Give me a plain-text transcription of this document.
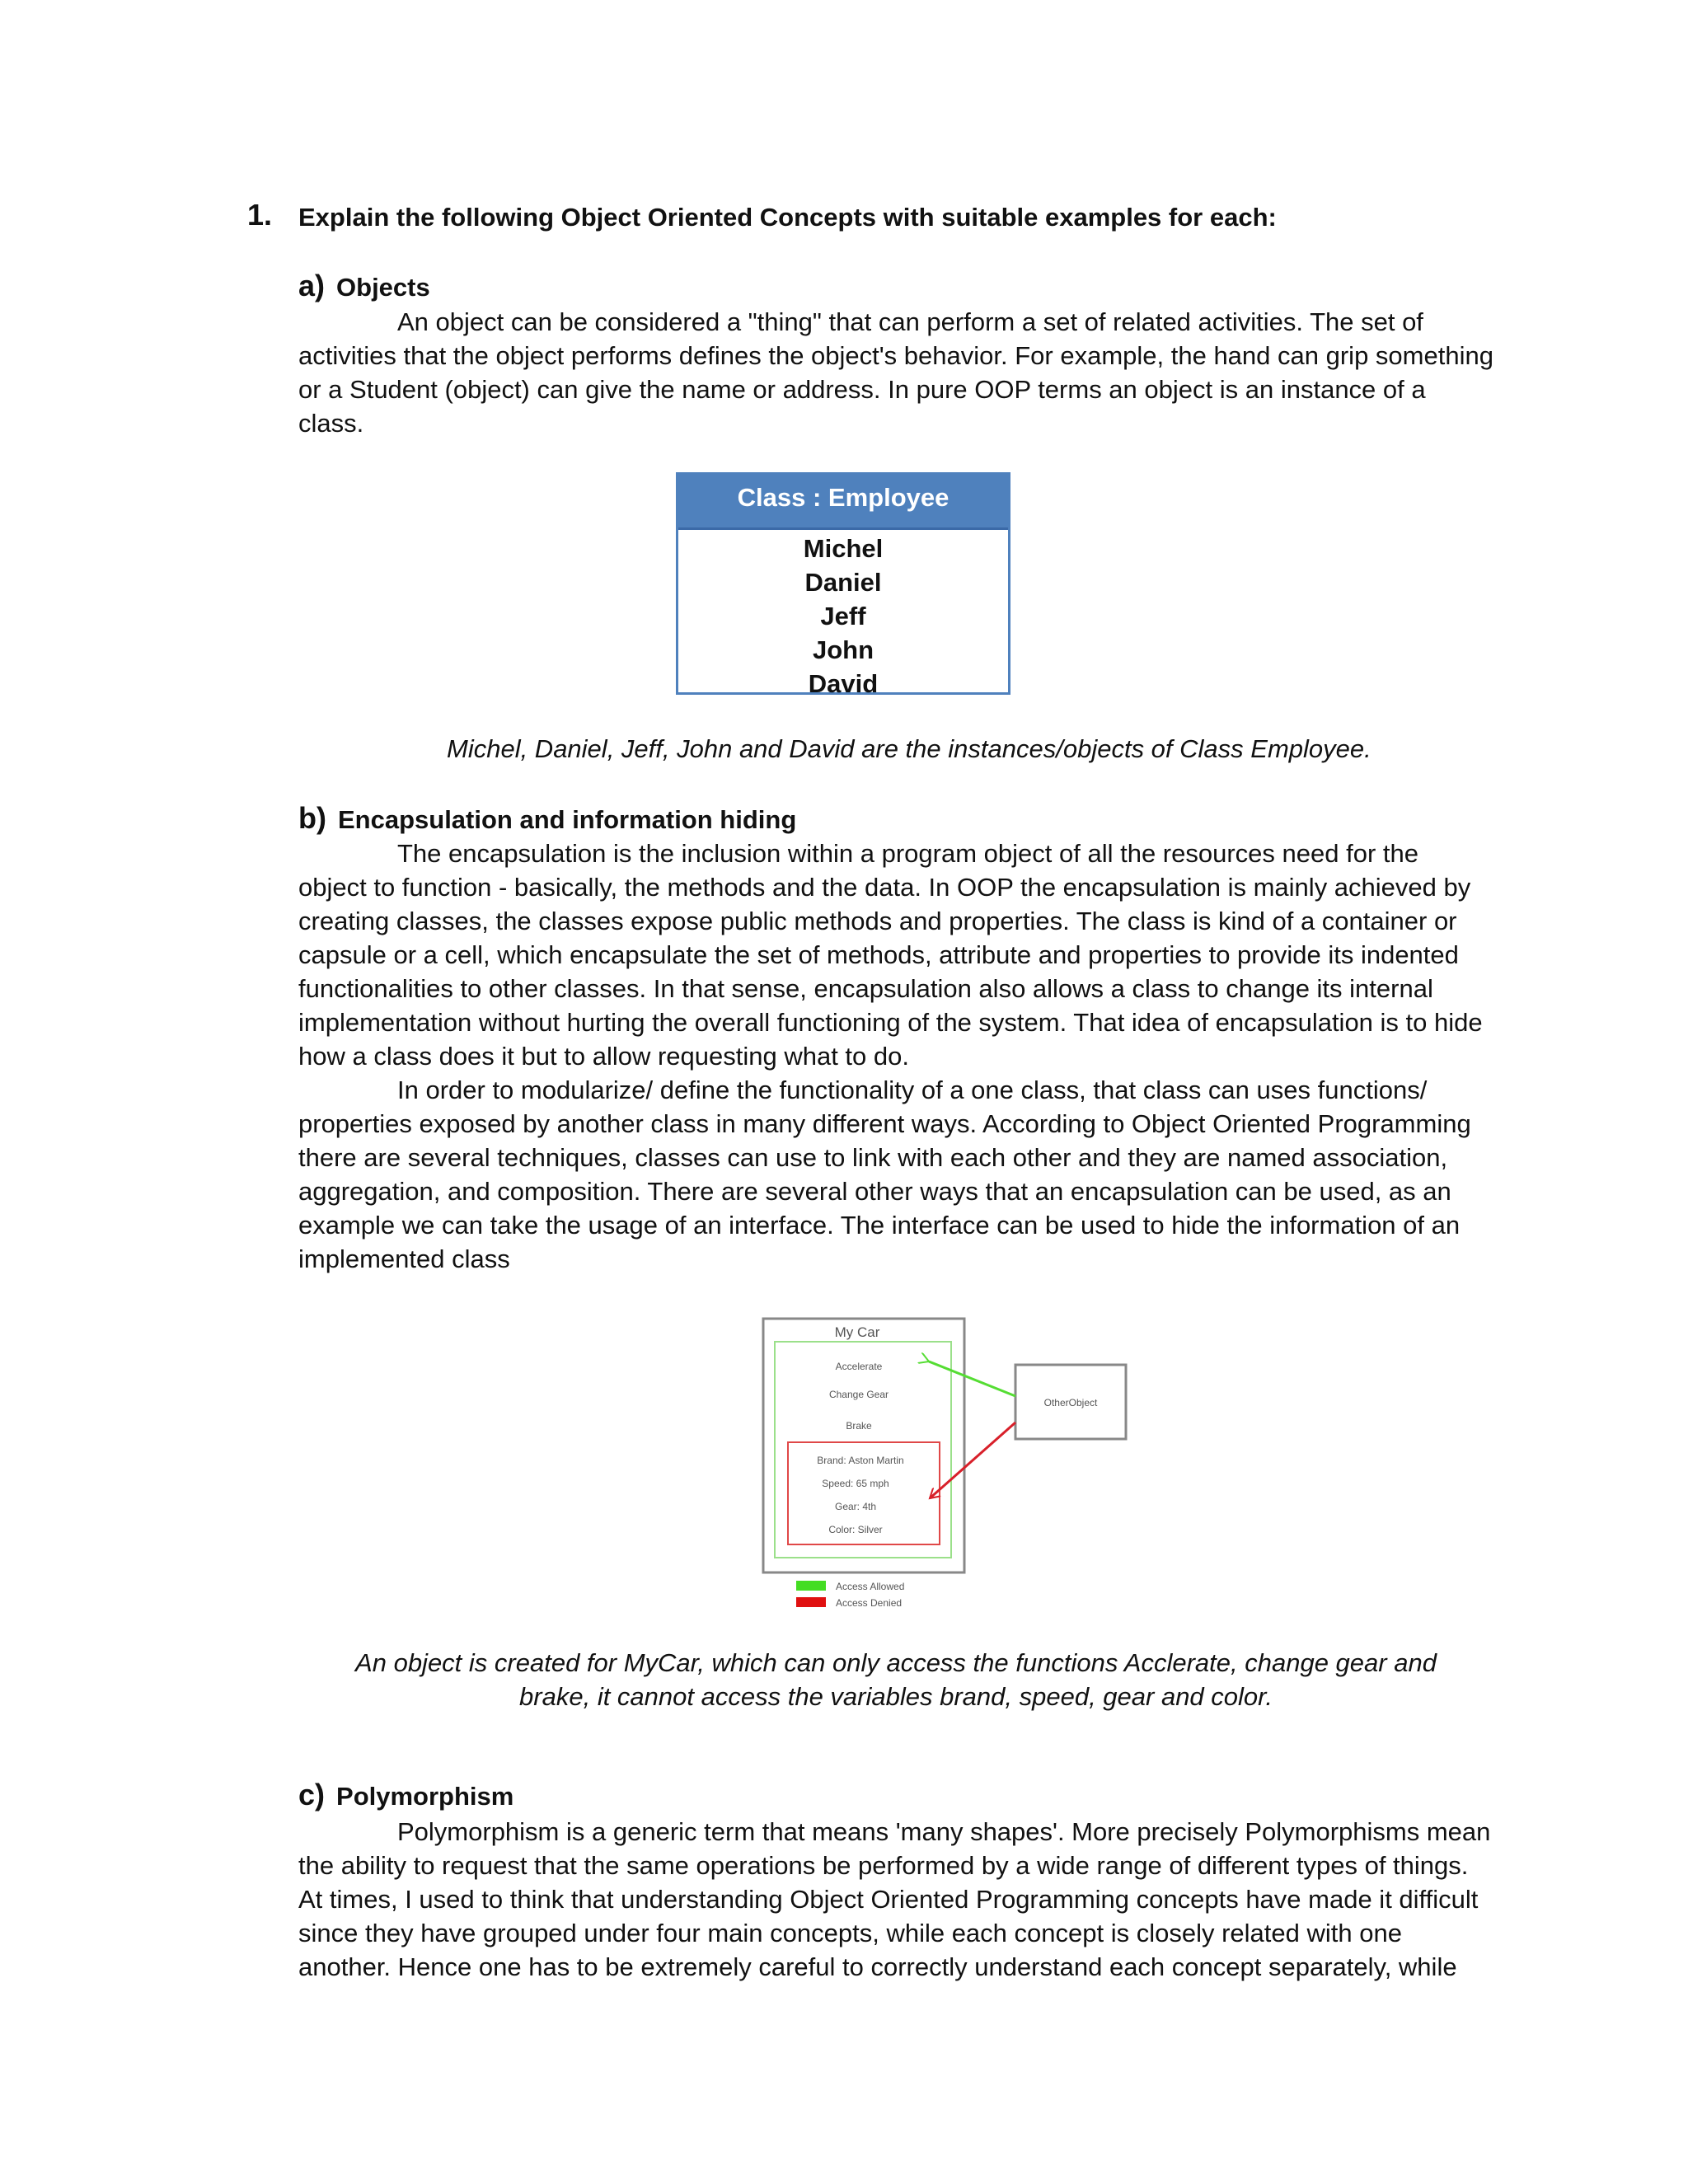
1. Explain the following Object Oriented Concepts with suitable examples for each:
a) Objects

An object can be considered a "thing" that can perform a set of related activities. The set of activities that the object performs defines the object's behavior. For example, the hand can grip something or a Student (object) can give the name or address. In pure OOP terms an object is an instance of a class.

Class : Employee
Michel
Daniel
Jeff
John
David
Michel, Daniel, Jeff, John and David are the instances/objects of Class Employee.
b) Encapsulation and information hiding

The encapsulation is the inclusion within a program object of all the resources need for the object to function - basically, the methods and the data. In OOP the encapsulation is mainly achieved by creating classes, the classes expose public methods and properties. The class is kind of a container or capsule or a cell, which encapsulate the set of methods, attribute and properties to provide its indented functionalities to other classes. In that sense, encapsulation also allows a class to change its internal implementation without hurting the overall functioning of the system. That idea of encapsulation is to hide how a class does it but to allow requesting what to do.

In order to modularize/ define the functionality of a one class, that class can uses functions/ properties exposed by another class in many different ways. According to Object Oriented Programming there are several techniques, classes can use to link with each other and they are named association, aggregation, and composition. There are several other ways that an encapsulation can be used, as an example we can take the usage of an interface. The interface can be used to hide the information of an implemented class

My Car
Accelerate
Change Gear
Brake
Brand: Aston Martin
Speed: 65 mph
Gear: 4th
Color: Silver
OtherObject
Access Allowed
Access Denied
An object is created for MyCar, which can only access the functions Acclerate, change gear and
brake, it cannot access the variables brand, speed, gear and color.
c) Polymorphism

Polymorphism is a generic term that means 'many shapes'. More precisely Polymorphisms mean the ability to request that the same operations be performed by a wide range of different types of things. At times, I used to think that understanding Object Oriented Programming concepts have made it difficult since they have grouped under four main concepts, while each concept is closely related with one another. Hence one has to be extremely careful to correctly understand each concept separately, while
